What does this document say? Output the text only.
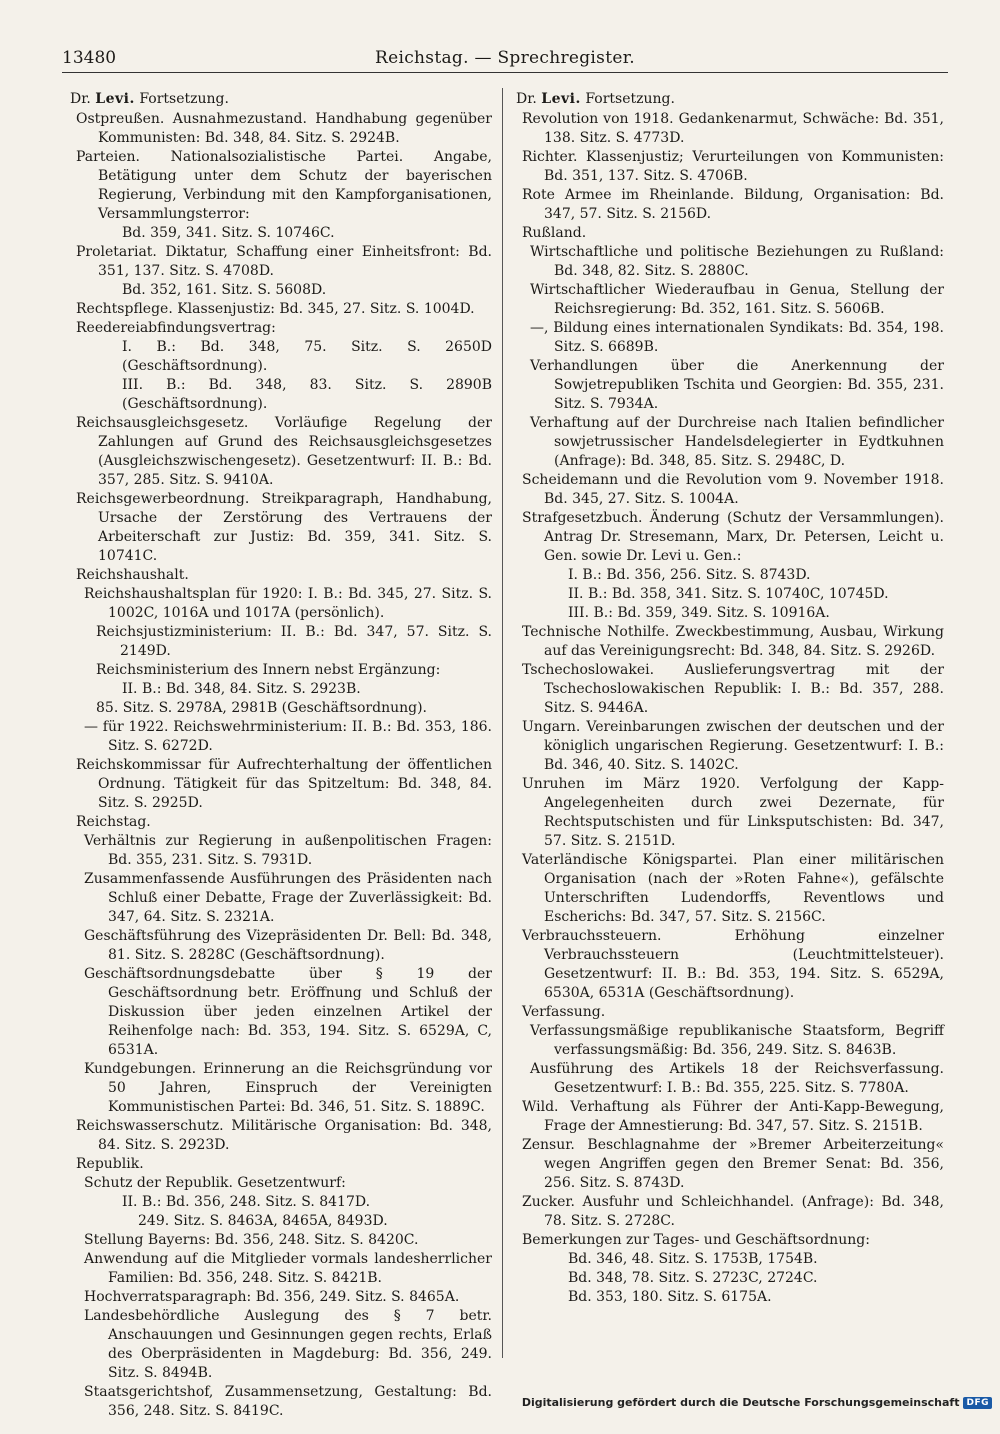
13480	Reichstag. — Sprechregister.
Dr. Levi. Fortsetzung.
Ostpreußen. Ausnahmezustand. Handhabung gegenüber Kommunisten: Bd. 348, 84. Sitz. S. 2924B.
Parteien. Nationalsozialistische Partei. Angabe, Betätigung unter dem Schutz der bayerischen Regierung, Verbindung mit den Kampforganisationen, Versammlungsterror:
Bd. 359, 341. Sitz. S. 10746C.
Proletariat. Diktatur, Schaffung einer Einheitsfront: Bd. 351, 137. Sitz. S. 4708D.
Bd. 352, 161. Sitz. S. 5608D.
Rechtspflege. Klassenjustiz: Bd. 345, 27. Sitz. S. 1004D.
Reedereiabfindungsvertrag:
I. B.: Bd. 348, 75. Sitz. S. 2650D (Geschäftsordnung).
III. B.: Bd. 348, 83. Sitz. S. 2890B (Geschäftsordnung).
Reichsausgleichsgesetz. Vorläufige Regelung der Zahlungen auf Grund des Reichsausgleichsgesetzes (Ausgleichszwischengesetz). Gesetzentwurf: II. B.: Bd. 357, 285. Sitz. S. 9410A.
Reichsgewerbeordnung. Streikparagraph, Handhabung, Ursache der Zerstörung des Vertrauens der Arbeiterschaft zur Justiz: Bd. 359, 341. Sitz. S. 10741C.
Reichshaushalt.
Reichshaushaltsplan für 1920: I. B.: Bd. 345, 27. Sitz. S. 1002C, 1016A und 1017A (persönlich).
Reichsjustizministerium: II. B.: Bd. 347, 57. Sitz. S. 2149D.
Reichsministerium des Innern nebst Ergänzung:
II. B.: Bd. 348, 84. Sitz. S. 2923B.
85. Sitz. S. 2978A, 2981B (Geschäftsordnung).
— für 1922. Reichswehrministerium: II. B.: Bd. 353, 186. Sitz. S. 6272D.
Reichskommissar für Aufrechterhaltung der öffentlichen Ordnung. Tätigkeit für das Spitzeltum: Bd. 348, 84. Sitz. S. 2925D.
Reichstag.
Verhältnis zur Regierung in außenpolitischen Fragen: Bd. 355, 231. Sitz. S. 7931D.
Zusammenfassende Ausführungen des Präsidenten nach Schluß einer Debatte, Frage der Zuverlässigkeit: Bd. 347, 64. Sitz. S. 2321A.
Geschäftsführung des Vizepräsidenten Dr. Bell: Bd. 348, 81. Sitz. S. 2828C (Geschäftsordnung).
Geschäftsordnungsdebatte über § 19 der Geschäftsordnung betr. Eröffnung und Schluß der Diskussion über jeden einzelnen Artikel der Reihenfolge nach: Bd. 353, 194. Sitz. S. 6529A, C, 6531A.
Kundgebungen. Erinnerung an die Reichsgründung vor 50 Jahren, Einspruch der Vereinigten Kommunistischen Partei: Bd. 346, 51. Sitz. S. 1889C.
Reichswasserschutz. Militärische Organisation: Bd. 348, 84. Sitz. S. 2923D.
Republik.
Schutz der Republik. Gesetzentwurf:
II. B.: Bd. 356, 248. Sitz. S. 8417D.
249. Sitz. S. 8463A, 8465A, 8493D.
Stellung Bayerns: Bd. 356, 248. Sitz. S. 8420C.
Anwendung auf die Mitglieder vormals landesherrlicher Familien: Bd. 356, 248. Sitz. S. 8421B.
Hochverratsparagraph: Bd. 356, 249. Sitz. S. 8465A.
Landesbehördliche Auslegung des § 7 betr. Anschauungen und Gesinnungen gegen rechts, Erlaß des Oberpräsidenten in Magdeburg: Bd. 356, 249. Sitz. S. 8494B.
Staatsgerichtshof, Zusammensetzung, Gestaltung: Bd. 356, 248. Sitz. S. 8419C.
Dr. Levi. Fortsetzung.
Revolution von 1918. Gedankenarmut, Schwäche: Bd. 351, 138. Sitz. S. 4773D.
Richter. Klassenjustiz; Verurteilungen von Kommunisten: Bd. 351, 137. Sitz. S. 4706B.
Rote Armee im Rheinlande. Bildung, Organisation: Bd. 347, 57. Sitz. S. 2156D.
Rußland.
Wirtschaftliche und politische Beziehungen zu Rußland: Bd. 348, 82. Sitz. S. 2880C.
Wirtschaftlicher Wiederaufbau in Genua, Stellung der Reichsregierung: Bd. 352, 161. Sitz. S. 5606B.
—, Bildung eines internationalen Syndikats: Bd. 354, 198. Sitz. S. 6689B.
Verhandlungen über die Anerkennung der Sowjetrepubliken Tschita und Georgien: Bd. 355, 231. Sitz. S. 7934A.
Verhaftung auf der Durchreise nach Italien befindlicher sowjetrussischer Handelsdelegierter in Eydtkuhnen (Anfrage): Bd. 348, 85. Sitz. S. 2948C, D.
Scheidemann und die Revolution vom 9. November 1918. Bd. 345, 27. Sitz. S. 1004A.
Strafgesetzbuch. Änderung (Schutz der Versammlungen). Antrag Dr. Stresemann, Marx, Dr. Petersen, Leicht u. Gen. sowie Dr. Levi u. Gen.:
I. B.: Bd. 356, 256. Sitz. S. 8743D.
II. B.: Bd. 358, 341. Sitz. S. 10740C, 10745D.
III. B.: Bd. 359, 349. Sitz. S. 10916A.
Technische Nothilfe. Zweckbestimmung, Ausbau, Wirkung auf das Vereinigungsrecht: Bd. 348, 84. Sitz. S. 2926D.
Tschechoslowakei. Auslieferungsvertrag mit der Tschechoslowakischen Republik: I. B.: Bd. 357, 288. Sitz. S. 9446A.
Ungarn. Vereinbarungen zwischen der deutschen und der königlich ungarischen Regierung. Gesetzentwurf: I. B.: Bd. 346, 40. Sitz. S. 1402C.
Unruhen im März 1920. Verfolgung der Kapp-Angelegenheiten durch zwei Dezernate, für Rechtsputschisten und für Linksputschisten: Bd. 347, 57. Sitz. S. 2151D.
Vaterländische Königspartei. Plan einer militärischen Organisation (nach der »Roten Fahne«), gefälschte Unterschriften Ludendorffs, Reventlows und Escherichs: Bd. 347, 57. Sitz. S. 2156C.
Verbrauchssteuern. Erhöhung einzelner Verbrauchssteuern (Leuchtmittelsteuer). Gesetzentwurf: II. B.: Bd. 353, 194. Sitz. S. 6529A, 6530A, 6531A (Geschäftsordnung).
Verfassung.
Verfassungsmäßige republikanische Staatsform, Begriff verfassungsmäßig: Bd. 356, 249. Sitz. S. 8463B.
Ausführung des Artikels 18 der Reichsverfassung. Gesetzentwurf: I. B.: Bd. 355, 225. Sitz. S. 7780A.
Wild. Verhaftung als Führer der Anti-Kapp-Bewegung, Frage der Amnestierung: Bd. 347, 57. Sitz. S. 2151B.
Zensur. Beschlagnahme der »Bremer Arbeiterzeitung« wegen Angriffen gegen den Bremer Senat: Bd. 356, 256. Sitz. S. 8743D.
Zucker. Ausfuhr und Schleichhandel. (Anfrage): Bd. 348, 78. Sitz. S. 2728C.
Bemerkungen zur Tages- und Geschäftsordnung:
Bd. 346, 48. Sitz. S. 1753B, 1754B.
Bd. 348, 78. Sitz. S. 2723C, 2724C.
Bd. 353, 180. Sitz. S. 6175A.
Digitalisierung gefördert durch die Deutsche Forschungsgemeinschaft DFG
